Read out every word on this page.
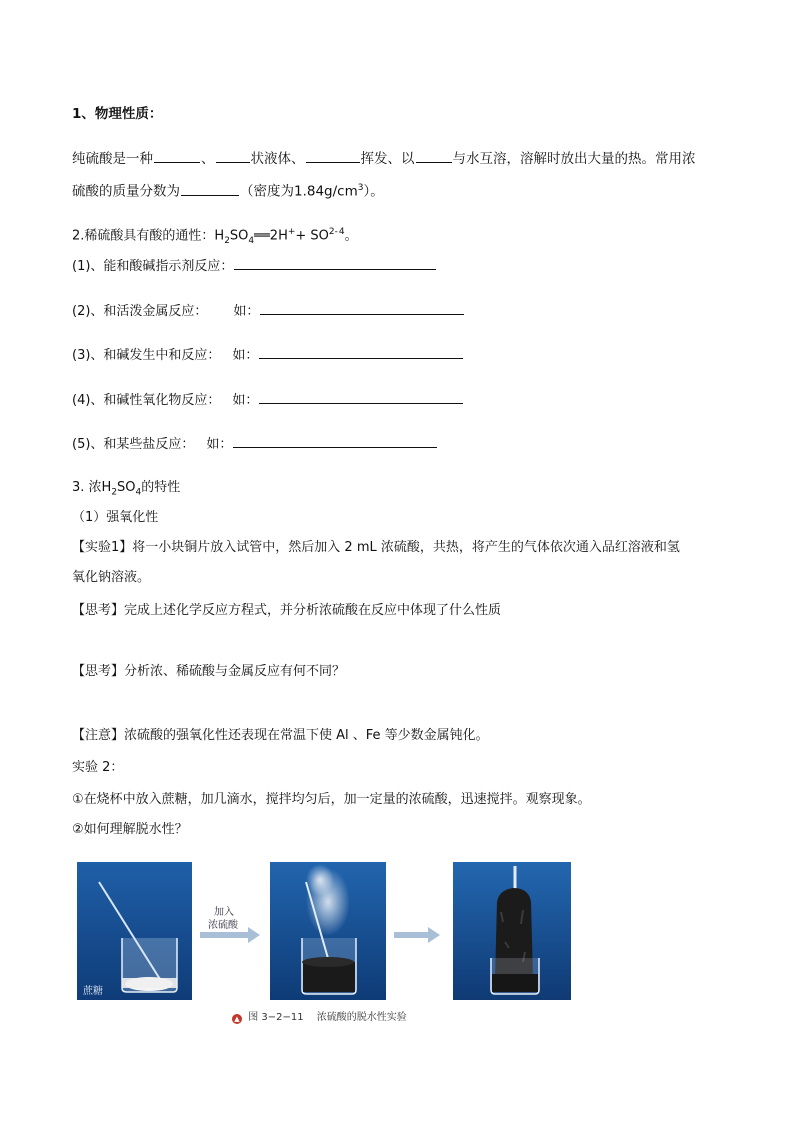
1、物理性质：
纯硫酸是一种	、	状液体、	挥发、以	与水互溶，溶解时放出大量的热。常用浓
硫酸的质量分数为	（密度为$1.84g/cm^3$）。
2.稀硫酸具有酸的通性：$H_2SO_4══2H^++ SO^{2-4}$。
(1)、能和酸碱指示剂反应：
(2)、和活泼金属反应： 如：
(3)、和碱发生中和反应： 如：
(4)、和碱性氧化物反应： 如：
(5)、和某些盐反应： 如：
3. 浓$H_2SO_4$的特性
（1）强氧化性
【实验1】将一小块铜片放入试管中，然后加入 2 mL 浓硫酸，共热，将产生的气体依次通入品红溶液和氢
氧化钠溶液。
【思考】完成上述化学反应方程式，并分析浓硫酸在反应中体现了什么性质
【思考】分析浓、稀硫酸与金属反应有何不同？
【注意】浓硫酸的强氧化性还表现在常温下使 Al 、Fe 等少数金属钝化。
实验 2：
①在烧杯中放入蔗糖，加几滴水，搅拌均匀后，加一定量的浓硫酸，迅速搅拌。观察现象。
②如何理解脱水性？
蔗糖
加入
浓硫酸
▲ 图 3−2−11 浓硫酸的脱水性实验
